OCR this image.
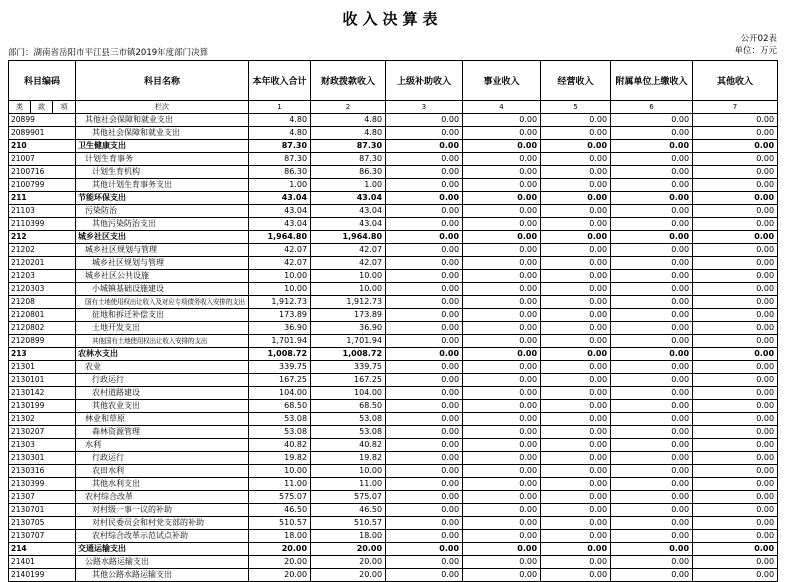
收入决算表
部门：湖南省岳阳市平江县三市镇2019年度部门决算
公开02表
单位：万元
科目编码			科目名称	本年收入合计	财政拨款收入	上级补助收入	事业收入	经营收入	附属单位上缴收入	其他收入
类	款	项	栏次	1	2	3	4	5	6	7
20899			其他社会保障和就业支出	4.80	4.80	0.00	0.00	0.00	0.00	0.00
2089901			其他社会保障和就业支出	4.80	4.80	0.00	0.00	0.00	0.00	0.00
210			卫生健康支出	87.30	87.30	0.00	0.00	0.00	0.00	0.00
21007			计划生育事务	87.30	87.30	0.00	0.00	0.00	0.00	0.00
2100716			计划生育机构	86.30	86.30	0.00	0.00	0.00	0.00	0.00
2100799			其他计划生育事务支出	1.00	1.00	0.00	0.00	0.00	0.00	0.00
211			节能环保支出	43.04	43.04	0.00	0.00	0.00	0.00	0.00
21103			污染防治	43.04	43.04	0.00	0.00	0.00	0.00	0.00
2110399			其他污染防治支出	43.04	43.04	0.00	0.00	0.00	0.00	0.00
212			城乡社区支出	1,964.80	1,964.80	0.00	0.00	0.00	0.00	0.00
21202			城乡社区规划与管理	42.07	42.07	0.00	0.00	0.00	0.00	0.00
2120201			城乡社区规划与管理	42.07	42.07	0.00	0.00	0.00	0.00	0.00
21203			城乡社区公共设施	10.00	10.00	0.00	0.00	0.00	0.00	0.00
2120303			小城镇基础设施建设	10.00	10.00	0.00	0.00	0.00	0.00	0.00
21208			国有土地使用权出让收入及对应专项债务收入安排的支出	1,912.73	1,912.73	0.00	0.00	0.00	0.00	0.00
2120801			征地和拆迁补偿支出	173.89	173.89	0.00	0.00	0.00	0.00	0.00
2120802			土地开发支出	36.90	36.90	0.00	0.00	0.00	0.00	0.00
2120899			其他国有土地使用权出让收入安排的支出	1,701.94	1,701.94	0.00	0.00	0.00	0.00	0.00
213			农林水支出	1,008.72	1,008.72	0.00	0.00	0.00	0.00	0.00
21301			农业	339.75	339.75	0.00	0.00	0.00	0.00	0.00
2130101			行政运行	167.25	167.25	0.00	0.00	0.00	0.00	0.00
2130142			农村道路建设	104.00	104.00	0.00	0.00	0.00	0.00	0.00
2130199			其他农业支出	68.50	68.50	0.00	0.00	0.00	0.00	0.00
21302			林业和草原	53.08	53.08	0.00	0.00	0.00	0.00	0.00
2130207			森林资源管理	53.08	53.08	0.00	0.00	0.00	0.00	0.00
21303			水利	40.82	40.82	0.00	0.00	0.00	0.00	0.00
2130301			行政运行	19.82	19.82	0.00	0.00	0.00	0.00	0.00
2130316			农田水利	10.00	10.00	0.00	0.00	0.00	0.00	0.00
2130399			其他水利支出	11.00	11.00	0.00	0.00	0.00	0.00	0.00
21307			农村综合改革	575.07	575.07	0.00	0.00	0.00	0.00	0.00
2130701			对村级一事一议的补助	46.50	46.50	0.00	0.00	0.00	0.00	0.00
2130705			对村民委员会和村党支部的补助	510.57	510.57	0.00	0.00	0.00	0.00	0.00
2130707			农村综合改革示范试点补助	18.00	18.00	0.00	0.00	0.00	0.00	0.00
214			交通运输支出	20.00	20.00	0.00	0.00	0.00	0.00	0.00
21401			公路水路运输支出	20.00	20.00	0.00	0.00	0.00	0.00	0.00
2140199			其他公路水路运输支出	20.00	20.00	0.00	0.00	0.00	0.00	0.00
